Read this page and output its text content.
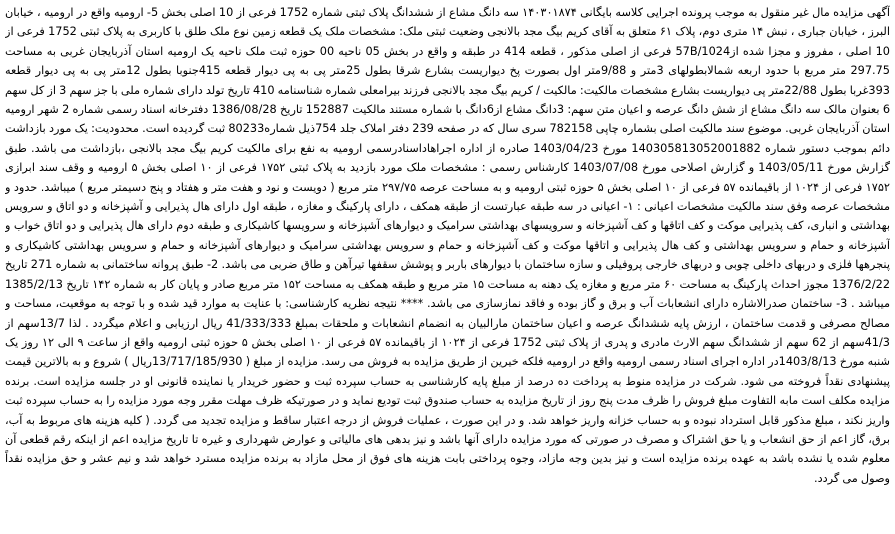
آگهی مزایده مال غیر منقول به موجب پرونده اجرایی کلاسه بایگانی ۱۴۰۳۰۱۸۷۴ سه دانگ مشاع از ششدانگ پلاک ثبتی شماره 1752 فرعی از 10 اصلی بخش 5- ارومیه واقع در ارومیه ، خیابان البرز ، خیابان جباری ، نبش ۱۴ متری دوم، پلاک ۶۱ متعلق به آقای کریم بیگ مجد بالانجی وضعیت ثبتی ملک: مشخصات ملک یک قطعه زمین نوع ملک طلق با کاربری به پلاک ثبتی 1752 فرعی از 10 اصلی ، مفروز و مجزا شده از57B/1024 فرعی از اصلی مذکور ، قطعه 414 در طبقه و واقع در بخش 05 ناحیه 00 حوزه ثبت ملک ناحیه یک ارومیه استان آذربایجان غربی به مساحت 297.75 متر مربع با حدود اربعه شمالابطولهای 3متر و 9/88متر اول بصورت پخ دیواریست بشارع شرقا بطول 25متر پی به پی دیوار قطعه 415جنوبا بطول 12متر پی به پی دیوار قطعه 393غربا بطول 22/88متر پی دیواریست بشارع مشخصات مالکیت: مالکیت / کریم بیگ مجد بالانجی فرزند بیرامعلی شماره شناسنامه 410 تاریخ تولد دارای شماره ملی با جز سهم 3 از کل سهم 6 بعنوان مالک سه دانگ مشاع از شش دانگ عرصه و اعیان متن سهم: 3دانگ مشاع از6دانگ با شماره مستند مالکیت 152887 تاریخ 1386/08/28 دفترخانه اسناد رسمی شماره 2 شهر ارومیه استان آذربایجان غربی. موضوع سند مالکیت اصلی بشماره چاپی 782158 سری سال که در صفحه 239 دفتر املاک جلد 754ذیل شماره80233 ثبت گردیده است. محدودیت: یک مورد بازداشت دائم بموجب دستور شماره 140305813052001882 مورخ 1403/04/23 صادره از اداره اجراهاداسنادرسمی ارومیه به نفع برای مالکیت کریم بیگ مجد بالانجی ،بازداشت می باشد. طبق گزارش مورخ 1403/05/11 و گزارش اصلاحی مورخ 1403/07/08 کارشناس رسمی : مشخصات ملک مورد بازدید به پلاک ثبتی ۱۷۵۲ فرعی از ۱۰ اصلی بخش ۵ ارومیه و وقف سند ابرازی ۱۷۵۲ فرعی از ۱۰۲۴ از باقیمانده ۵۷ فرعی از ۱۰ اصلی بخش ۵ حوزه ثبتی ارومیه و به مساحت عرصه ۲۹۷/۷۵ متر مربع ( دویست و نود و هفت متر و هفتاد و پنج دسیمتر مربع ) میباشد. حدود و مشخصات عرصه وفق سند مالکیت مشخصات اعیانی : ۱- اعیانی در سه طبقه عبارتست از طبقه همکف ، دارای پارکینگ و مغازه ، طبقه اول دارای هال پذیرایی و آشپزخانه و دو اتاق و سرویس بهداشتی و انباری، کف پذیرایی موکت و کف اتاقها و کف آشپزخانه و سرویسهای بهداشتی سرامیک و دیوارهای آشپزخانه و سرویسها کاشیکاری و طبقه دوم دارای هال پذیرایی و دو اتاق خواب و آشپزخانه و حمام و سرویس بهداشتی و کف هال پذیرایی و اتاقها موکت و کف آشپزخانه و حمام و سرویس بهداشتی سرامیک و دیوارهای آشپزخانه و حمام و سرویس بهداشتی کاشیکاری و پنجرهها فلزی و دربهای داخلی چوبی و دربهای خارجی پروفیلی و سازه ساختمان با دیوارهای باربر و پوشش سقفها تیرآهن و طاق ضربی می باشد. 2- طبق پروانه ساختمانی به شماره 271 تاریخ 1376/2/22 مجوز احداث پارکینگ به مساحت ۶۰ متر مربع و مغازه یک دهنه به مساحت ۱۵ متر مربع و طبقه همکف به مساحت ۱۵۲ متر مربع صادر و پایان کار به شماره ۱۴۲ تاریخ 1385/2/13 میباشد . 3- ساختمان صدرالاشاره دارای انشعابات آب و برق و گاز بوده و فاقد نمازسازی می باشد. **** نتیجه نظریه کارشناسی: با عنایت به موارد قید شده و با توجه به موقعیت، مساحت و مصالح مصرفی و قدمت ساختمان ، ارزش پایه ششدانگ عرصه و اعیان ساختمان مارالبیان به انضمام انشعابات و ملحقات بمبلغ 41/333/333 ریال ارزیابی و اعلام میگردد . لذا 13/7سهم از 41/3سهم از 62 سهم از ششدانگ سهم الارث مادری و پدری از پلاک ثبتی 1752 فرعی از ۱۰۲۴ از باقیمانده ۵۷ فرعی از ۱۰ اصلی بخش ۵ حوزه ثبتی ارومیه واقع از ساعت ۹ الی ۱۲ روز یک شنبه مورخ 1403/8/13در اداره اجرای اسناد رسمی ارومیه واقع در ارومیه فلکه خیرین از طریق مزایده به فروش می رسد. مزایده از مبلغ ( 13/717/185/930ریال ) شروع و به بالاترین قیمت پیشنهادی نقداً فروخته می شود. شرکت در مزایده منوط به پرداخت ده درصد از مبلغ پایه کارشناسی به حساب سپرده ثبت و حضور خریدار یا نماینده قانونی او در جلسه مزایده است. برنده مزایده مکلف است مابه التفاوت مبلغ فروش را ظرف مدت پنج روز از تاریخ مزایده به حساب صندوق ثبت تودیع نماید و در صورتیکه ظرف مهلت مقرر وجه مورد مزایده را به حساب سپرده ثبت واریز نکند ، مبلغ مذکور قابل استرداد نبوده و به حساب خزانه واریز خواهد شد. و در این صورت ، عملیات فروش از درجه اعتبار ساقط و مزایده تجدید می گردد. ( کلیه هزینه های مربوط به آب، برق، گاز اعم از حق انشعاب و یا حق اشتراک و مصرف در صورتی که مورد مزایده دارای آنها باشد و نیز بدهی های مالیاتی و عوارض شهرداری و غیره تا تاریخ مزایده اعم از اینکه رقم قطعی آن معلوم شده یا نشده باشد به عهده برنده مزایده است و نیز بدین وجه مازاد، وجوه پرداختی بابت هزینه های فوق از محل مازاد به برنده مزایده مسترد خواهد شد و نیم عشر و حق مزایده نقداً وصول می گردد.
